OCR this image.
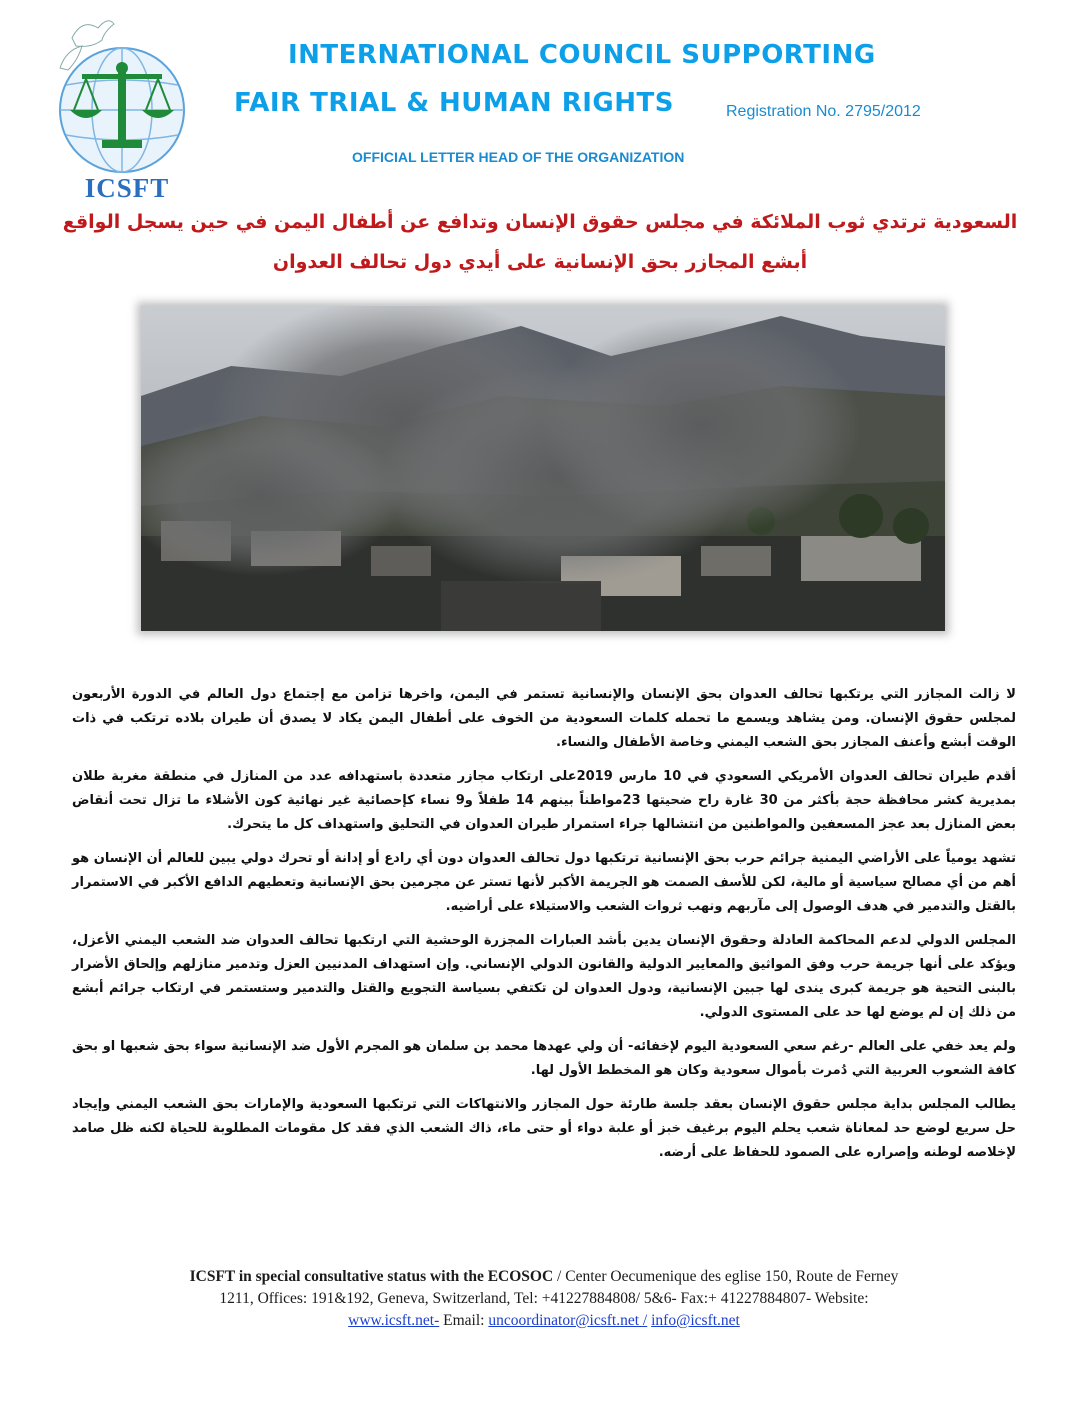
ICSFT
INTERNATIONAL COUNCIL SUPPORTING
FAIR TRIAL & HUMAN RIGHTS	Registration No. 2795/2012
OFFICIAL LETTER HEAD OF THE ORGANIZATION
السعودية ترتدي ثوب الملائكة في مجلس حقوق الإنسان وتدافع عن أطفال اليمن في حين يسجل الواقع
أبشع المجازر بحق الإنسانية على أيدي دول تحالف العدوان

لا زالت المجازر التي يرتكبها تحالف العدوان بحق الإنسان والإنسانية تستمر في اليمن، واخرها تزامن مع إجتماع دول العالم في الدورة الأربعون لمجلس حقوق الإنسان. ومن يشاهد ويسمع ما تحمله كلمات السعودية من الخوف على أطفال اليمن يكاد لا يصدق أن طيران بلاده ترتكب في ذات الوقت أبشع وأعنف المجازر بحق الشعب اليمني وخاصة الأطفال والنساء.

أقدم طيران تحالف العدوان الأمريكي السعودي في 10 مارس 2019على ارتكاب مجازر متعددة باستهدافه عدد من المنازل في منطقة مغربة طلان بمديرية كشر محافظة حجة بأكثر من 30 غارة راح ضحيتها 23مواطناً بينهم 14 طفلاً و9 نساء كإحصائية غير نهائية كون الأشلاء ما تزال تحت أنقاض بعض المنازل بعد عجز المسعفين والمواطنين من انتشالها جراء استمرار طيران العدوان في التحليق واستهداف كل ما يتحرك.

تشهد يومياً على الأراضي اليمنية جرائم حرب بحق الإنسانية ترتكبها دول تحالف العدوان دون أي رادع أو إدانة أو تحرك دولي يبين للعالم أن الإنسان هو أهم من أي مصالح سياسية أو مالية، لكن للأسف الصمت هو الجريمة الأكبر لأنها تستر عن مجرمين بحق الإنسانية وتعطيهم الدافع الأكبر في الاستمرار بالقتل والتدمير في هدف الوصول إلى مآربهم ونهب ثروات الشعب والاستيلاء على أراضيه.

المجلس الدولي لدعم المحاكمة العادلة وحقوق الإنسان يدين بأشد العبارات المجزرة الوحشية التي ارتكبها تحالف العدوان ضد الشعب اليمني الأعزل، ويؤكد على أنها جريمة حرب وفق المواثيق والمعايير الدولية والقانون الدولي الإنساني. وإن استهداف المدنيين العزل وتدمير منازلهم وإلحاق الأضرار بالبنى التحية هو جريمة كبرى يندى لها جبين الإنسانية، ودول العدوان لن تكتفي بسياسة التجويع والقتل والتدمير وستستمر في ارتكاب جرائم أبشع من ذلك إن لم يوضع لها حد على المستوى الدولي.

ولم يعد خفي على العالم -رغم سعي السعودية اليوم لإخفائه- أن ولي عهدها محمد بن سلمان هو المجرم الأول ضد الإنسانية سواء بحق شعبها او بحق كافة الشعوب العربية التي دُمرت بأموال سعودية وكان هو المخطط الأول لها.

يطالب المجلس بداية مجلس حقوق الإنسان بعقد جلسة طارئة حول المجازر والانتهاكات التي ترتكبها السعودية والإمارات بحق الشعب اليمني وإيجاد حل سريع لوضع حد لمعاناة شعب يحلم اليوم برغيف خبز أو علبة دواء أو حتى ماء، ذاك الشعب الذي فقد كل مقومات المطلوبة للحياة لكنه ظل صامد لإخلاصه لوطنه وإصراره على الصمود للحفاظ على أرضه.

ICSFT in special consultative status with the ECOSOC / Center Oecumenique des eglise 150, Route de Ferney
1211, Offices: 191&192, Geneva, Switzerland, Tel: +41227884808/ 5&6- Fax:+ 41227884807- Website:
www.icsft.net- Email: uncoordinator@icsft.net / info@icsft.net
